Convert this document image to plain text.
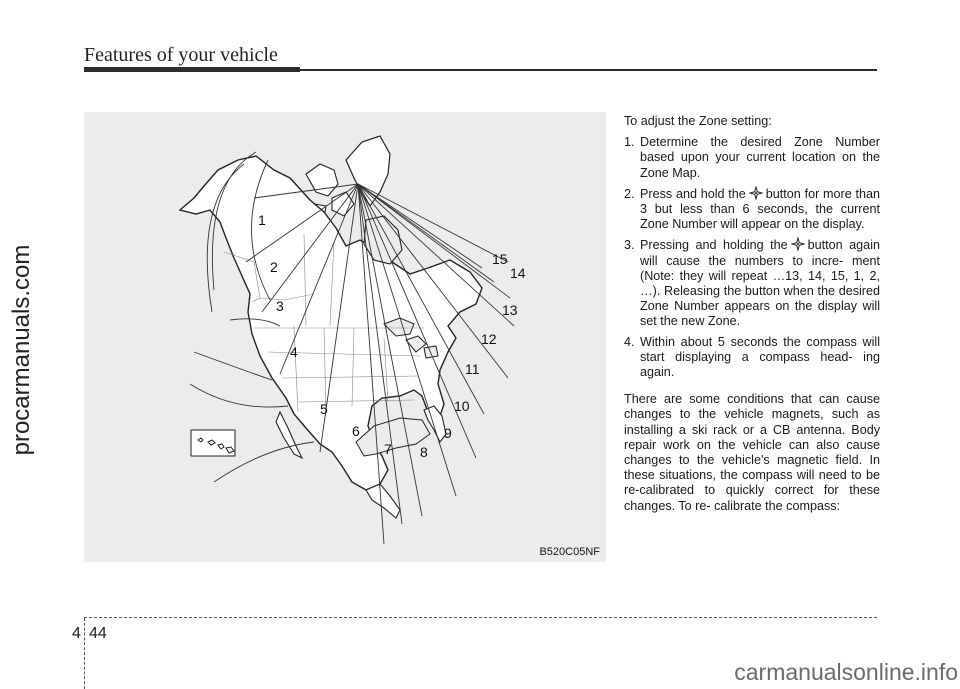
Features of your vehicle
procarmanuals.com
1
2
3
4
5
6
7 8
9
10
11
12
13
14
15
B520C05NF

To adjust the Zone setting:

1. Determine the desired Zone Number based upon your current location on the Zone Map.
2. Press and hold the button for more than 3 but less than 6 seconds, the current Zone Number will appear on the display.
3. Pressing and holding the button again will cause the numbers to incre- ment (Note: they will repeat …13, 14, 15, 1, 2, …). Releasing the button when the desired Zone Number appears on the display will set the new Zone.
4. Within about 5 seconds the compass will start displaying a compass head- ing again.

There are some conditions that can cause changes to the vehicle magnets, such as installing a ski rack or a CB antenna. Body repair work on the vehicle can also cause changes to the vehicle's magnetic field. In these situations, the compass will need to be re-calibrated to quickly correct for these changes. To re- calibrate the compass:

4 44
carmanualsonline.info
